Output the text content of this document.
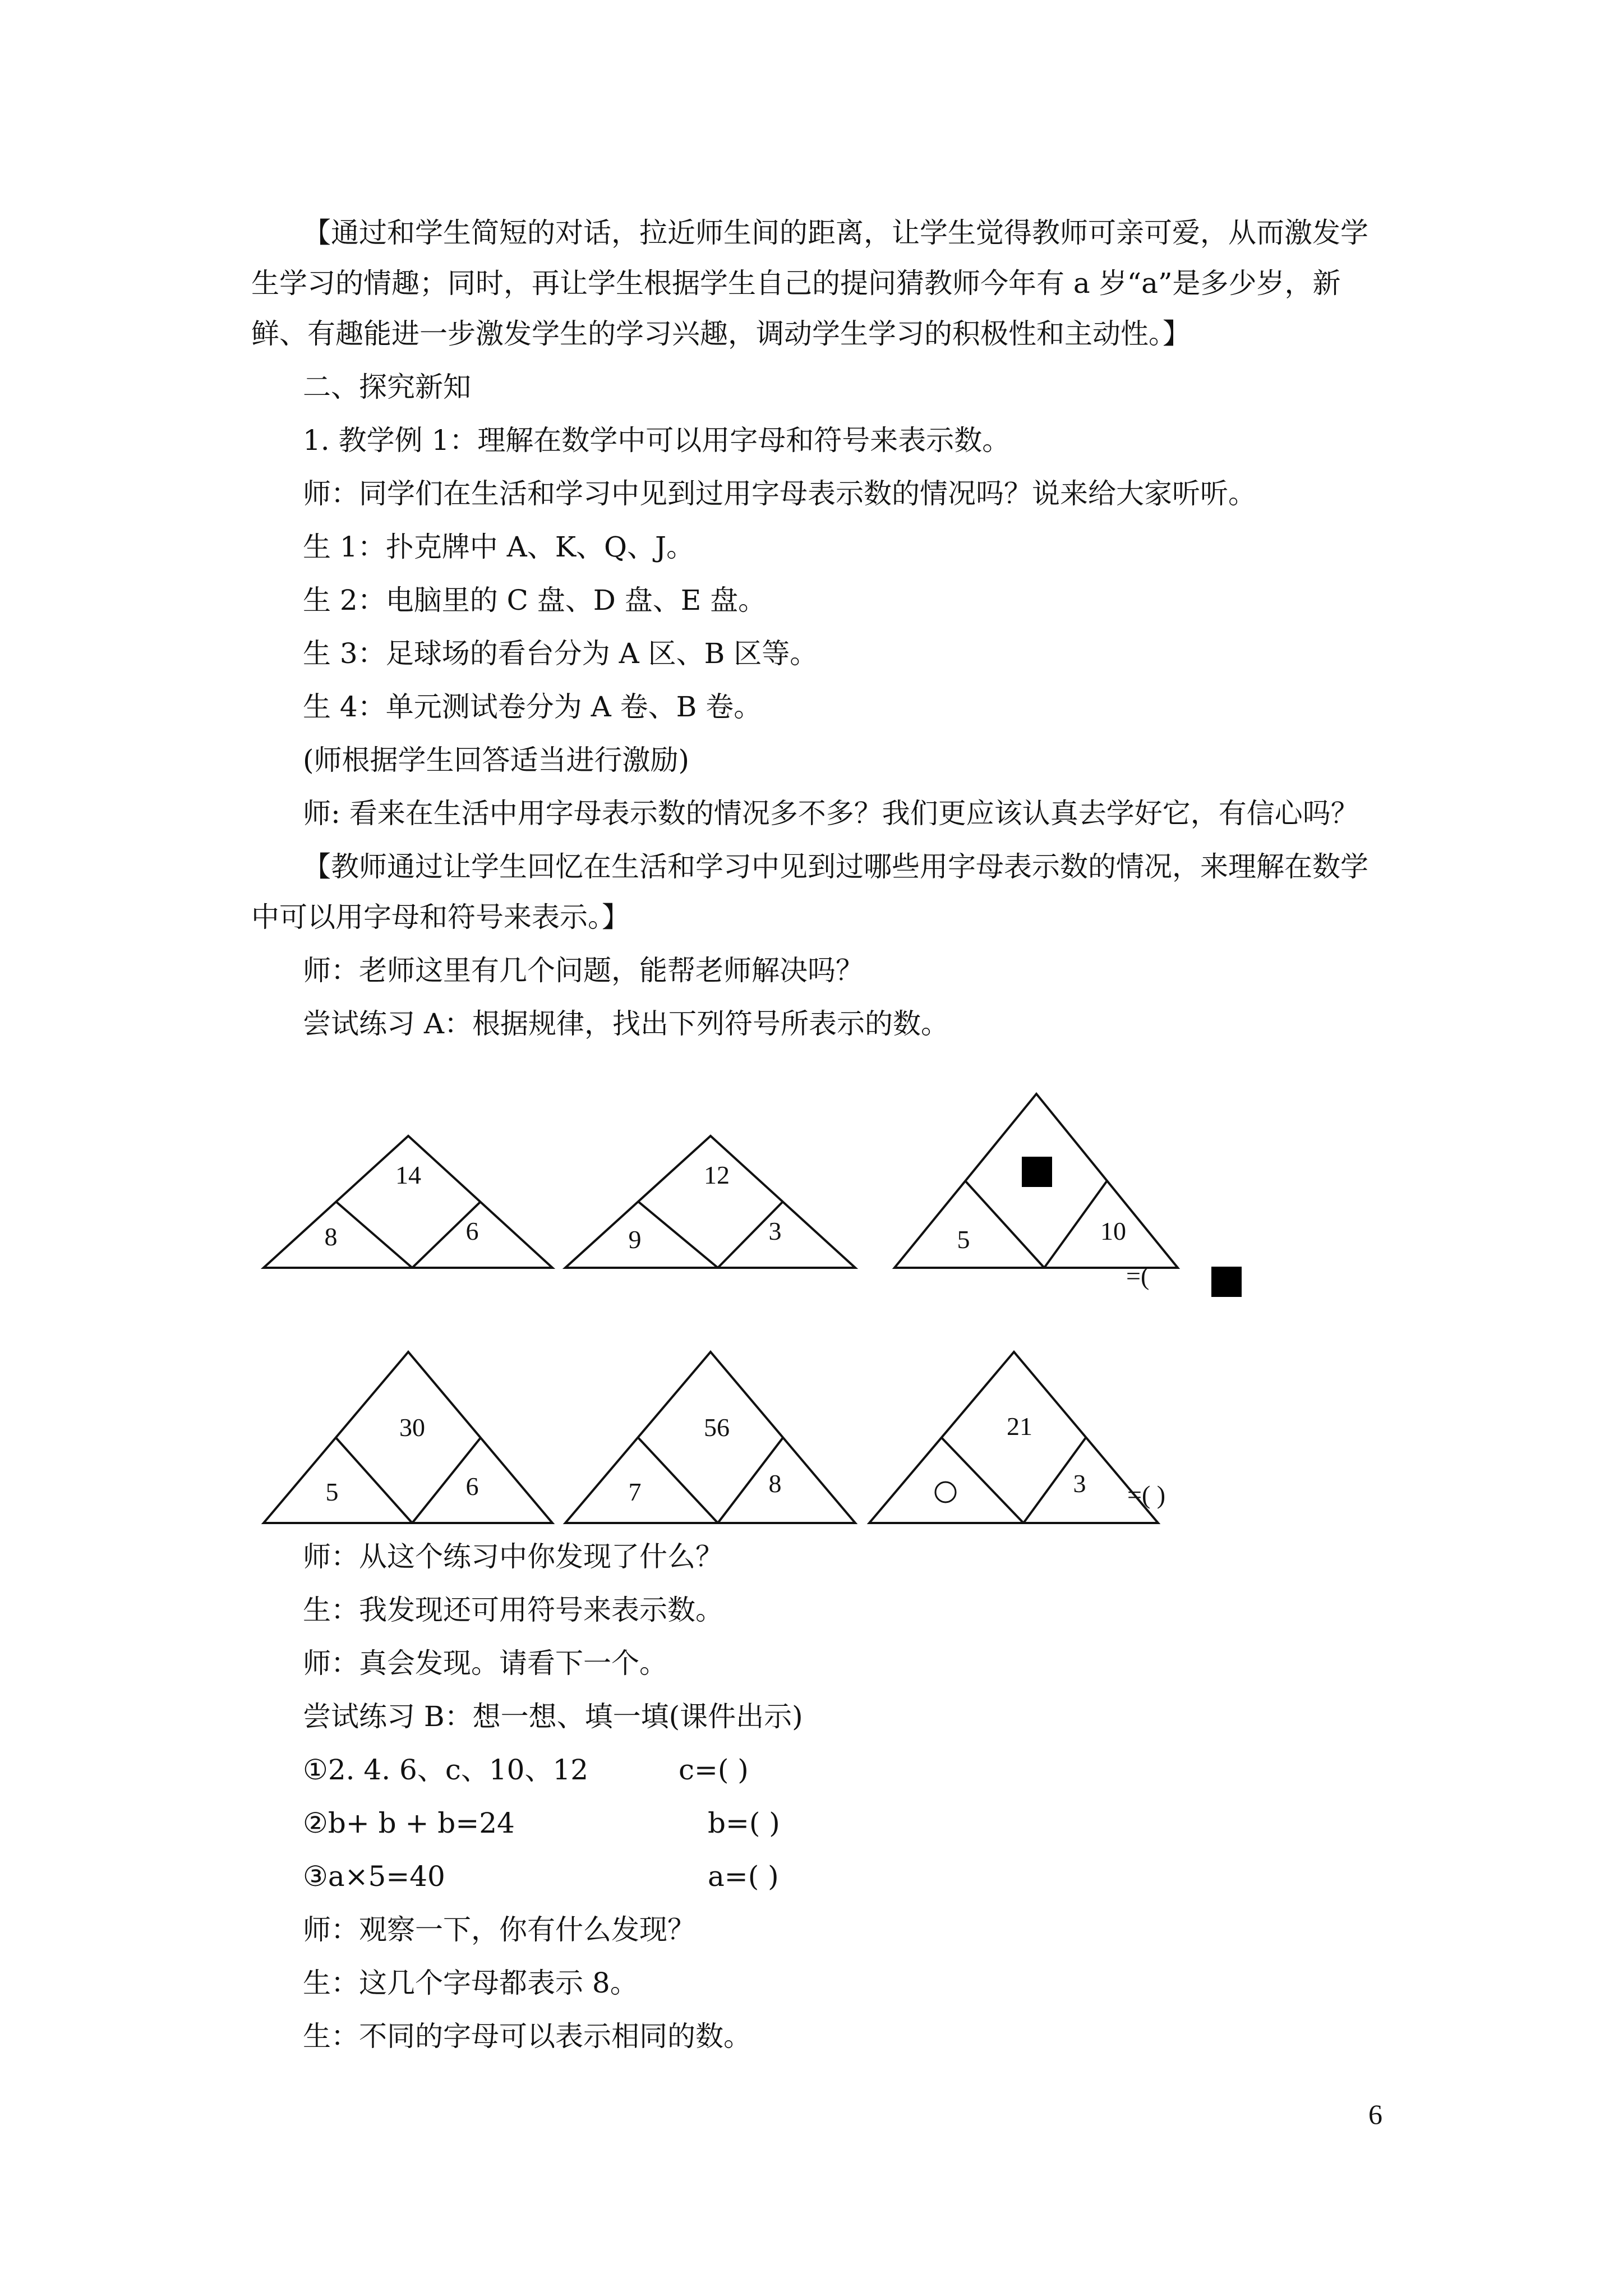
【通过和学生简短的对话，拉近师生间的距离，让学生觉得教师可亲可爱，从而激发学
生学习的情趣；同时，再让学生根据学生自己的提问猜教师今年有 a 岁“a”是多少岁，新
鲜、有趣能进一步激发学生的学习兴趣，调动学生学习的积极性和主动性。】
二、探究新知
1. 教学例 1：理解在数学中可以用字母和符号来表示数。
师：同学们在生活和学习中见到过用字母表示数的情况吗？说来给大家听听。
生 1：扑克牌中 A、K、Q、J。
生 2：电脑里的 C 盘、D 盘、E 盘。
生 3：足球场的看台分为 A 区、B 区等。
生 4：单元测试卷分为 A 卷、B 卷。
(师根据学生回答适当进行激励)
师: 看来在生活中用字母表示数的情况多不多？我们更应该认真去学好它，有信心吗？
【教师通过让学生回忆在生活和学习中见到过哪些用字母表示数的情况，来理解在数学
中可以用字母和符号来表示。】
师：老师这里有几个问题，能帮老师解决吗？
尝试练习 A：根据规律，找出下列符号所表示的数。
14
8	6
12
9	3	5	10
=(
30
5	6
56
7	8
21
3 =( )
师：从这个练习中你发现了什么？
生：我发现还可用符号来表示数。
师：真会发现。请看下一个。
尝试练习 B：想一想、填一填(课件出示)
①2. 4. 6、c、10、12	c=( )
②b+ b + b=24	b=( )
③a×5=40	a=( )
师：观察一下，你有什么发现？
生：这几个字母都表示 8。
生：不同的字母可以表示相同的数。
6
